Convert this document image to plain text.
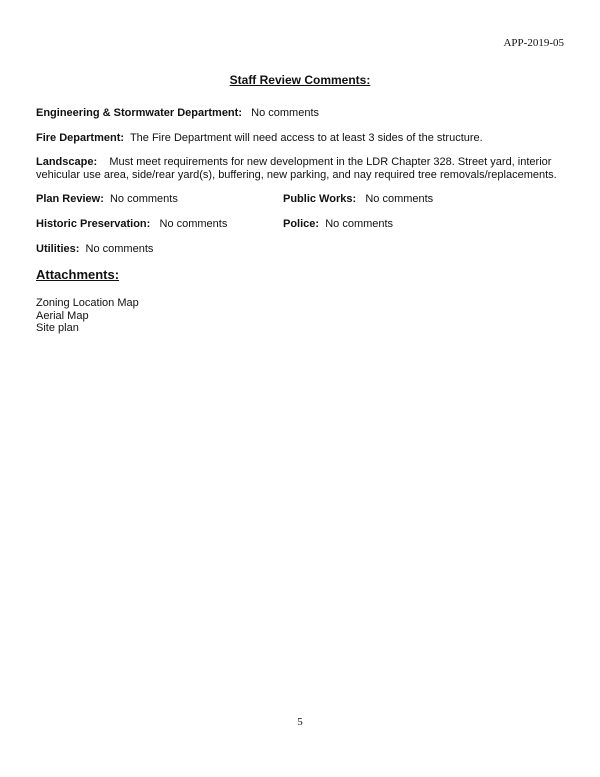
APP-2019-05
Staff Review Comments:
Engineering & Stormwater Department: No comments
Fire Department: The Fire Department will need access to at least 3 sides of the structure.
Landscape: Must meet requirements for new development in the LDR Chapter 328. Street yard, interior vehicular use area, side/rear yard(s), buffering, new parking, and nay required tree removals/replacements.
Plan Review: No comments	Public Works: No comments
Historic Preservation: No comments	Police: No comments
Utilities: No comments
Attachments:
Zoning Location Map
Aerial Map
Site plan
5
